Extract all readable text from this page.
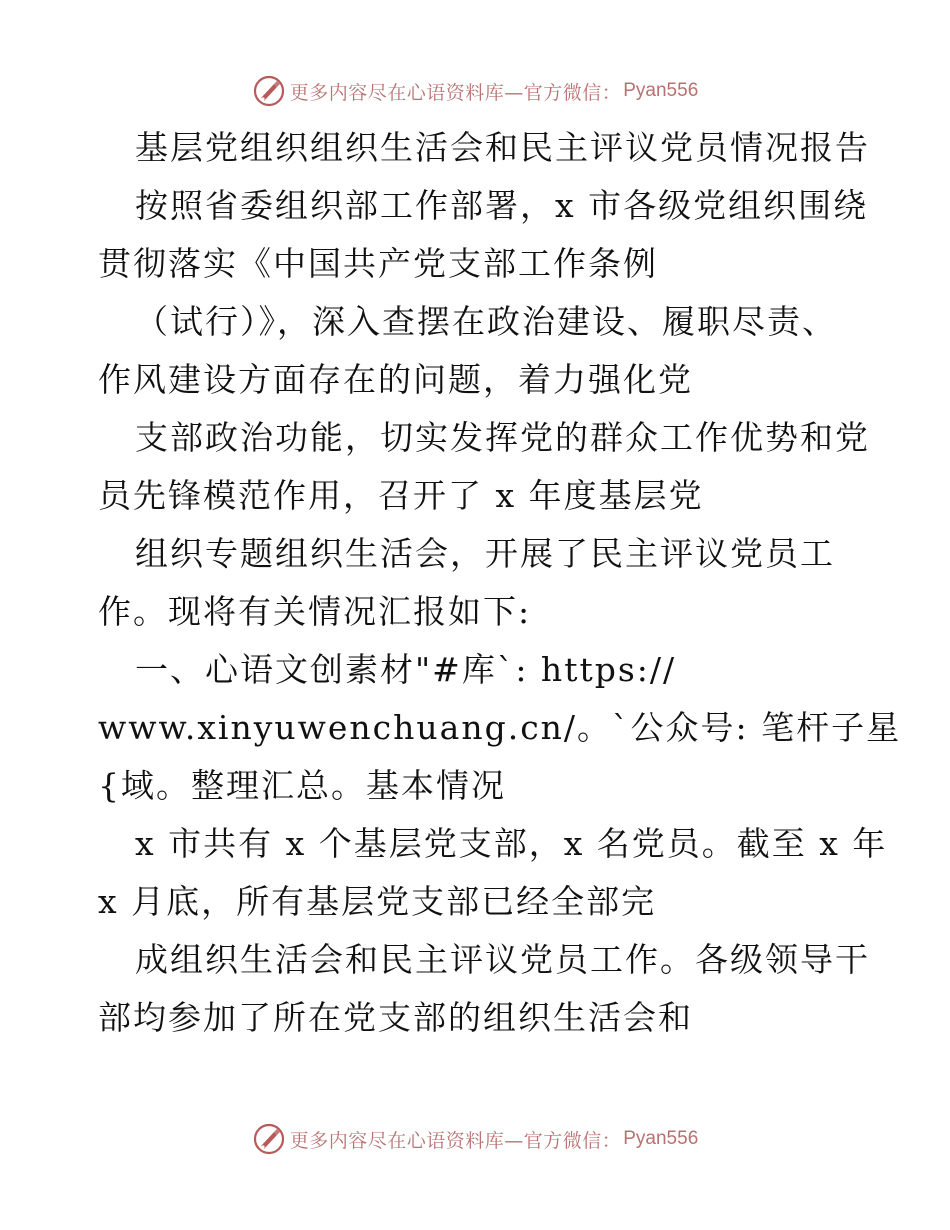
更多内容尽在心语资料库—官方微信： Pyan556
基层党组织组织生活会和民主评议党员情况报告
按照省委组织部工作部署，x 市各级党组织围绕
贯彻落实《中国共产党支部工作条例
（试行）》，深入查摆在政治建设、履职尽责、
作风建设方面存在的问题，着力强化党
支部政治功能，切实发挥党的群众工作优势和党
员先锋模范作用，召开了 x 年度基层党
组织专题组织生活会，开展了民主评议党员工
作。现将有关情况汇报如下:
一、心语文创素材"#库`: https://
www.xinyuwenchuang.cn/。`公众号: 笔杆子星
{域。整理汇总。基本情况
x 市共有 x 个基层党支部，x 名党员。截至 x 年
x 月底，所有基层党支部已经全部完
成组织生活会和民主评议党员工作。各级领导干
部均参加了所在党支部的组织生活会和
更多内容尽在心语资料库—官方微信： Pyan556
